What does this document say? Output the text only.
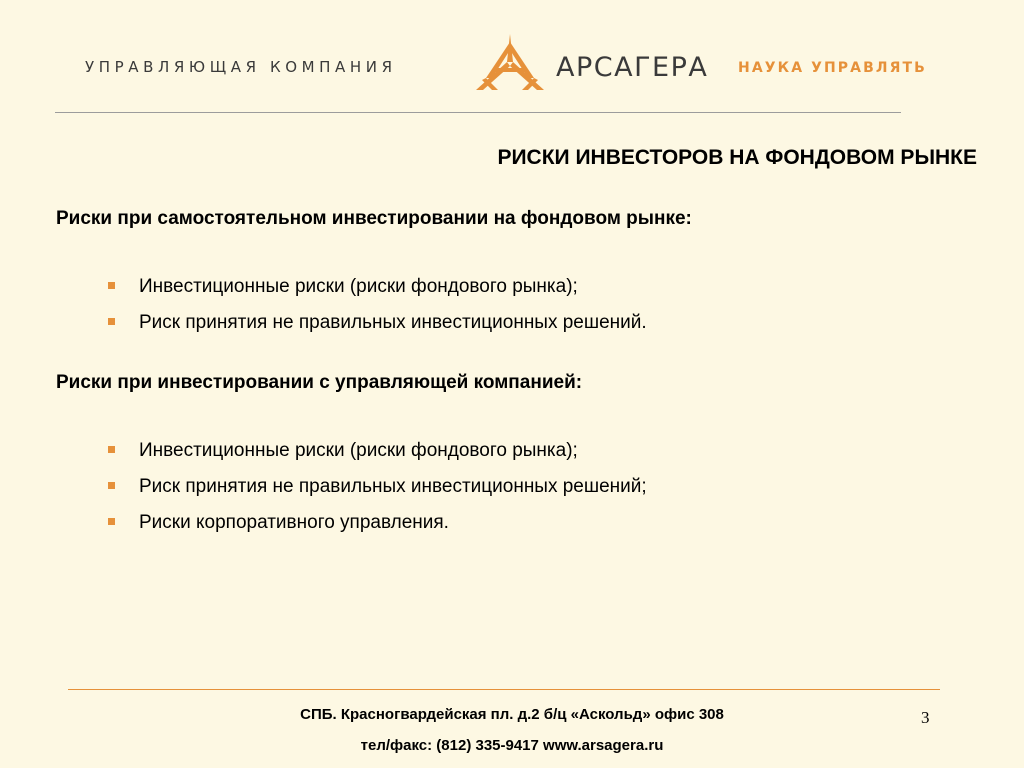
УПРАВЛЯЮЩАЯ КОМПАНИЯ	АРСАГЕРА НАУКА УПРАВЛЯТЬ
РИСКИ ИНВЕСТОРОВ НА ФОНДОВОМ РЫНКЕ
Риски при самостоятельном инвестировании на фондовом рынке:
Инвестиционные риски (риски фондового рынка);
Риск принятия не правильных инвестиционных решений.
Риски при инвестировании с управляющей компанией:
Инвестиционные риски (риски фондового рынка);
Риск принятия не правильных инвестиционных решений;
Риски корпоративного управления.
СПБ. Красногвардейская пл. д.2 б/ц «Аскольд» офис 308
тел/факс: (812) 335-9417 www.arsagera.ru
3
